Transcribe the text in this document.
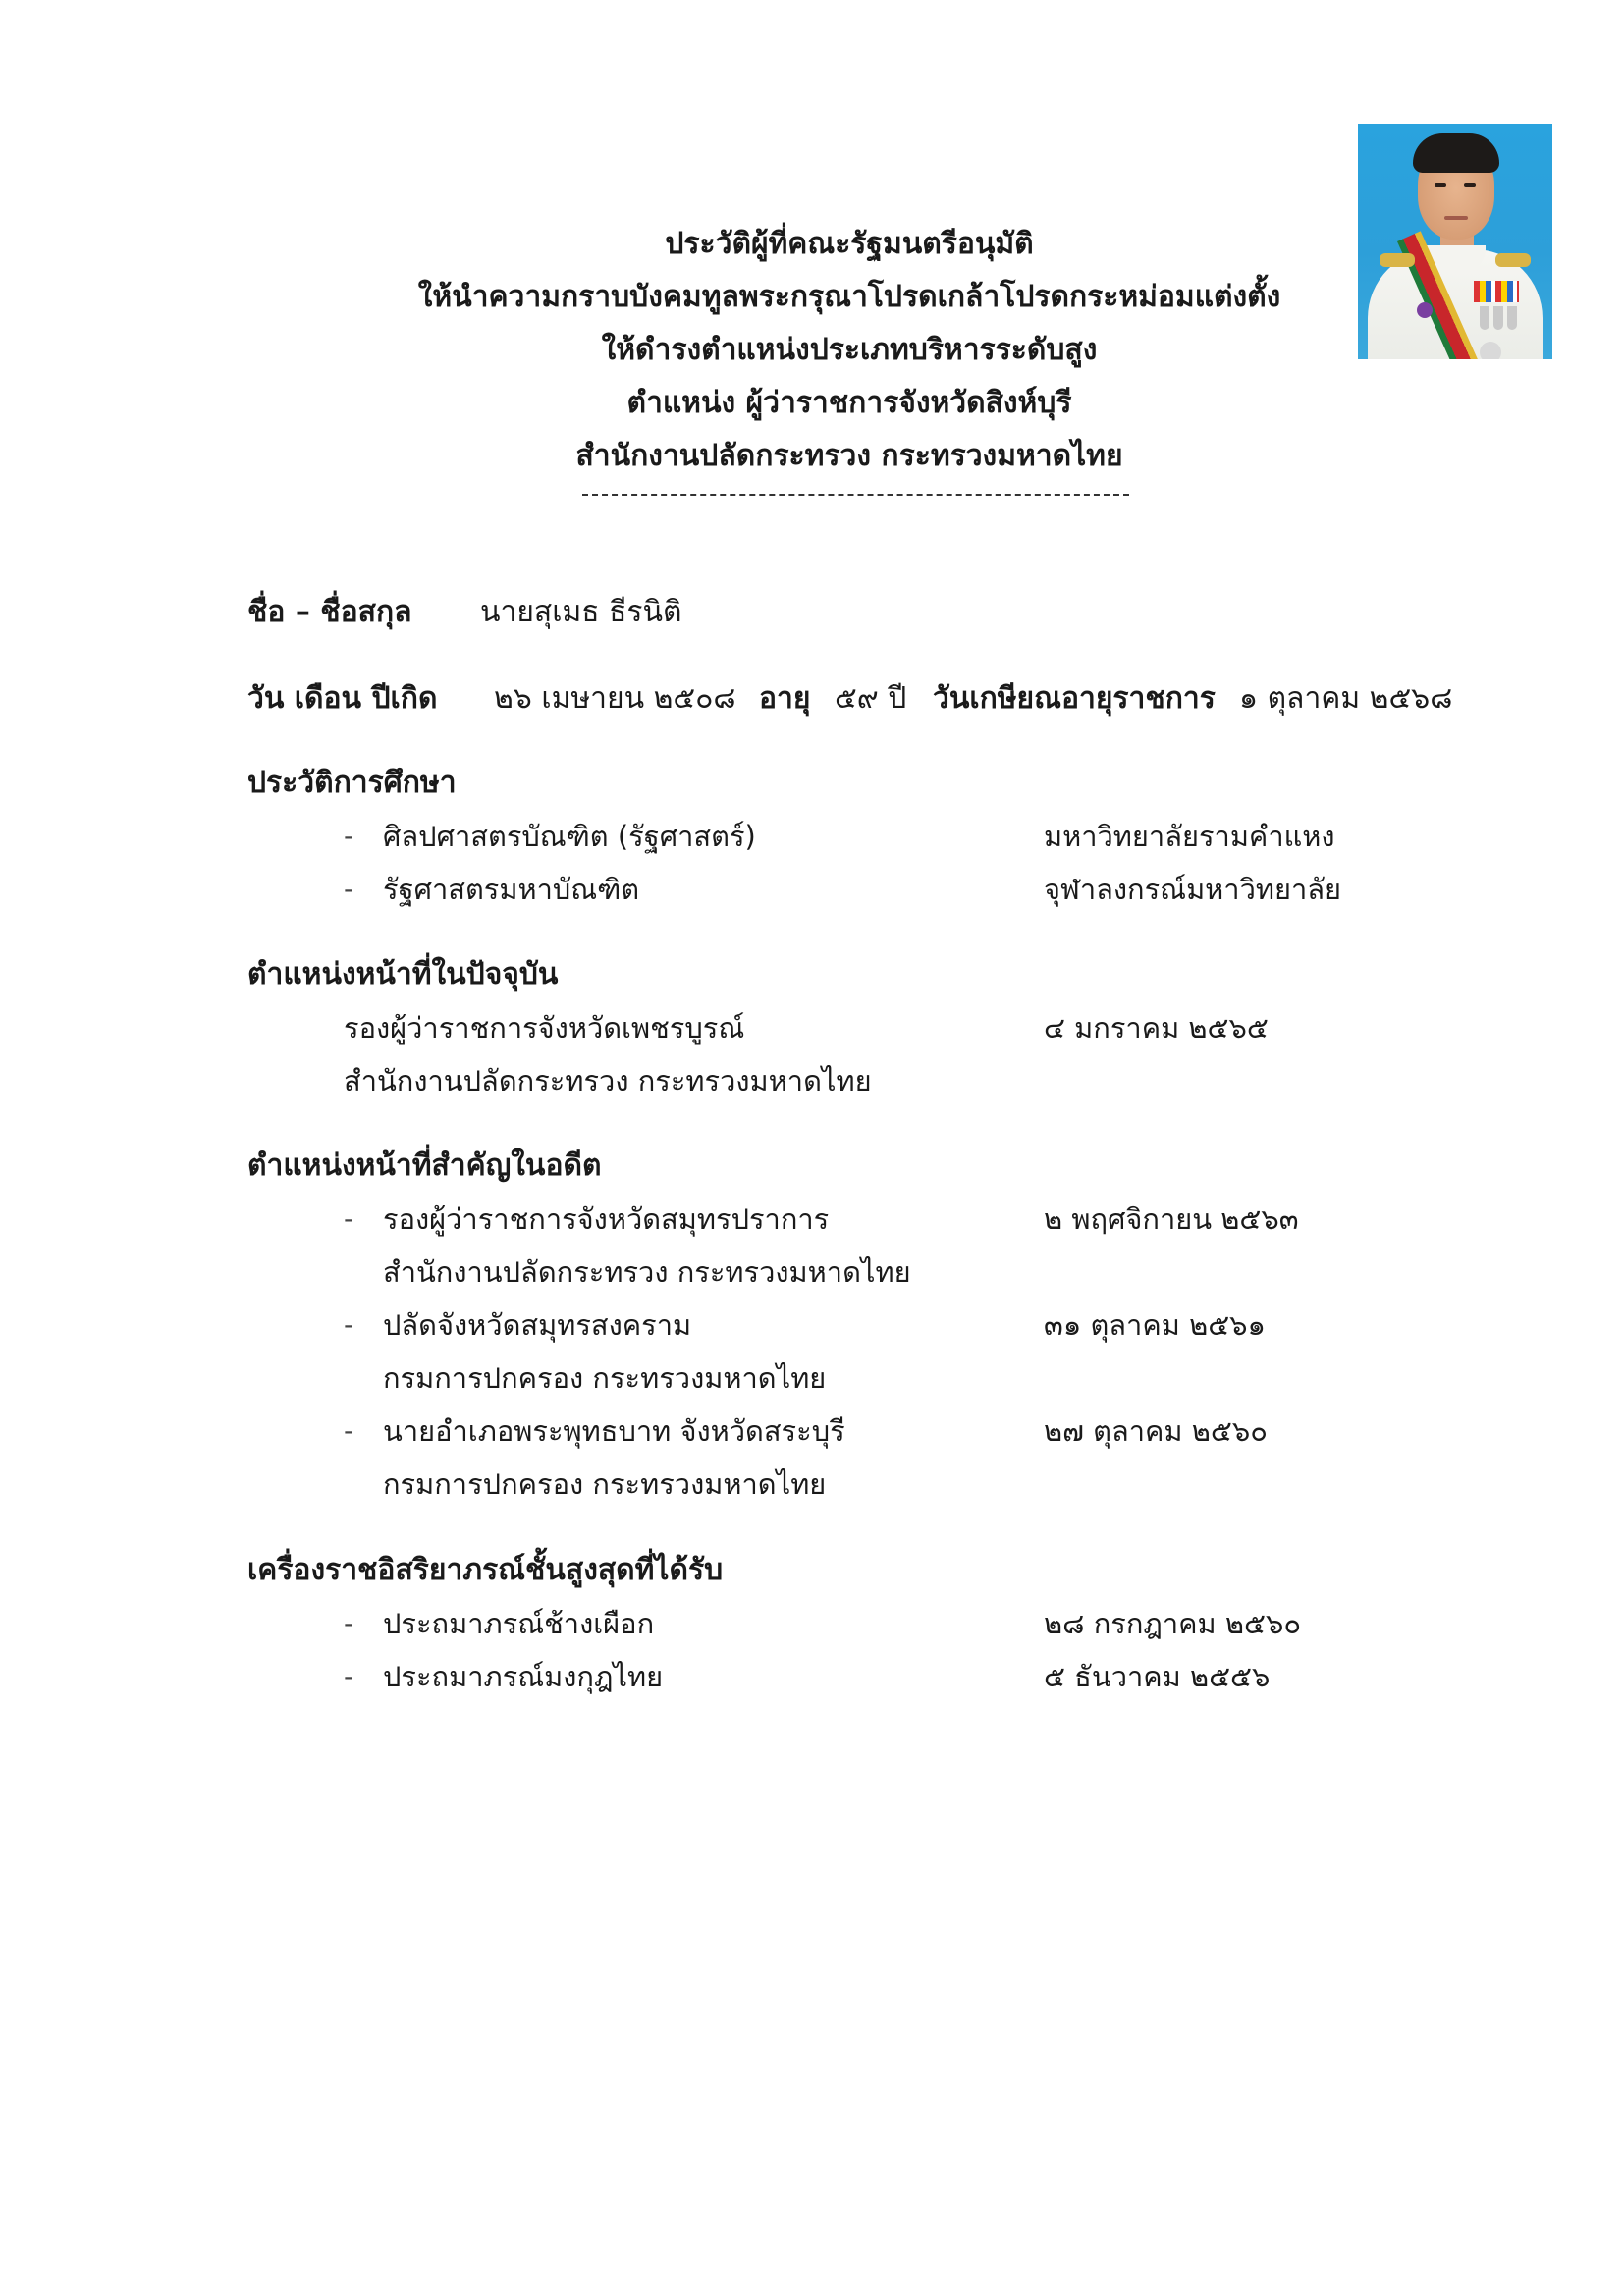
ประวัติผู้ที่คณะรัฐมนตรีอนุมัติ
ให้นำความกราบบังคมทูลพระกรุณาโปรดเกล้าโปรดกระหม่อมแต่งตั้ง
ให้ดำรงตำแหน่งประเภทบริหารระดับสูง
ตำแหน่ง ผู้ว่าราชการจังหวัดสิงห์บุรี
สำนักงานปลัดกระทรวง กระทรวงมหาดไทย
ชื่อ – ชื่อสกุล นายสุเมธ ธีรนิติ
วัน เดือน ปีเกิด ๒๖ เมษายน ๒๕๐๘ อายุ ๕๙ ปี วันเกษียณอายุราชการ ๑ ตุลาคม ๒๕๖๘
ประวัติการศึกษา
- ศิลปศาสตรบัณฑิต (รัฐศาสตร์)	มหาวิทยาลัยรามคำแหง
- รัฐศาสตรมหาบัณฑิต	จุฬาลงกรณ์มหาวิทยาลัย
ตำแหน่งหน้าที่ในปัจจุบัน
รองผู้ว่าราชการจังหวัดเพชรบูรณ์	๔ มกราคม ๒๕๖๕
สำนักงานปลัดกระทรวง กระทรวงมหาดไทย
ตำแหน่งหน้าที่สำคัญในอดีต
- รองผู้ว่าราชการจังหวัดสมุทรปราการ	๒ พฤศจิกายน ๒๕๖๓
สำนักงานปลัดกระทรวง กระทรวงมหาดไทย
- ปลัดจังหวัดสมุทรสงคราม	๓๑ ตุลาคม ๒๕๖๑
กรมการปกครอง กระทรวงมหาดไทย
- นายอำเภอพระพุทธบาท จังหวัดสระบุรี	๒๗ ตุลาคม ๒๕๖๐
กรมการปกครอง กระทรวงมหาดไทย
เครื่องราชอิสริยาภรณ์ชั้นสูงสุดที่ได้รับ
- ประถมาภรณ์ช้างเผือก	๒๘ กรกฎาคม ๒๕๖๐
- ประถมาภรณ์มงกุฎไทย	๕ ธันวาคม ๒๕๕๖
